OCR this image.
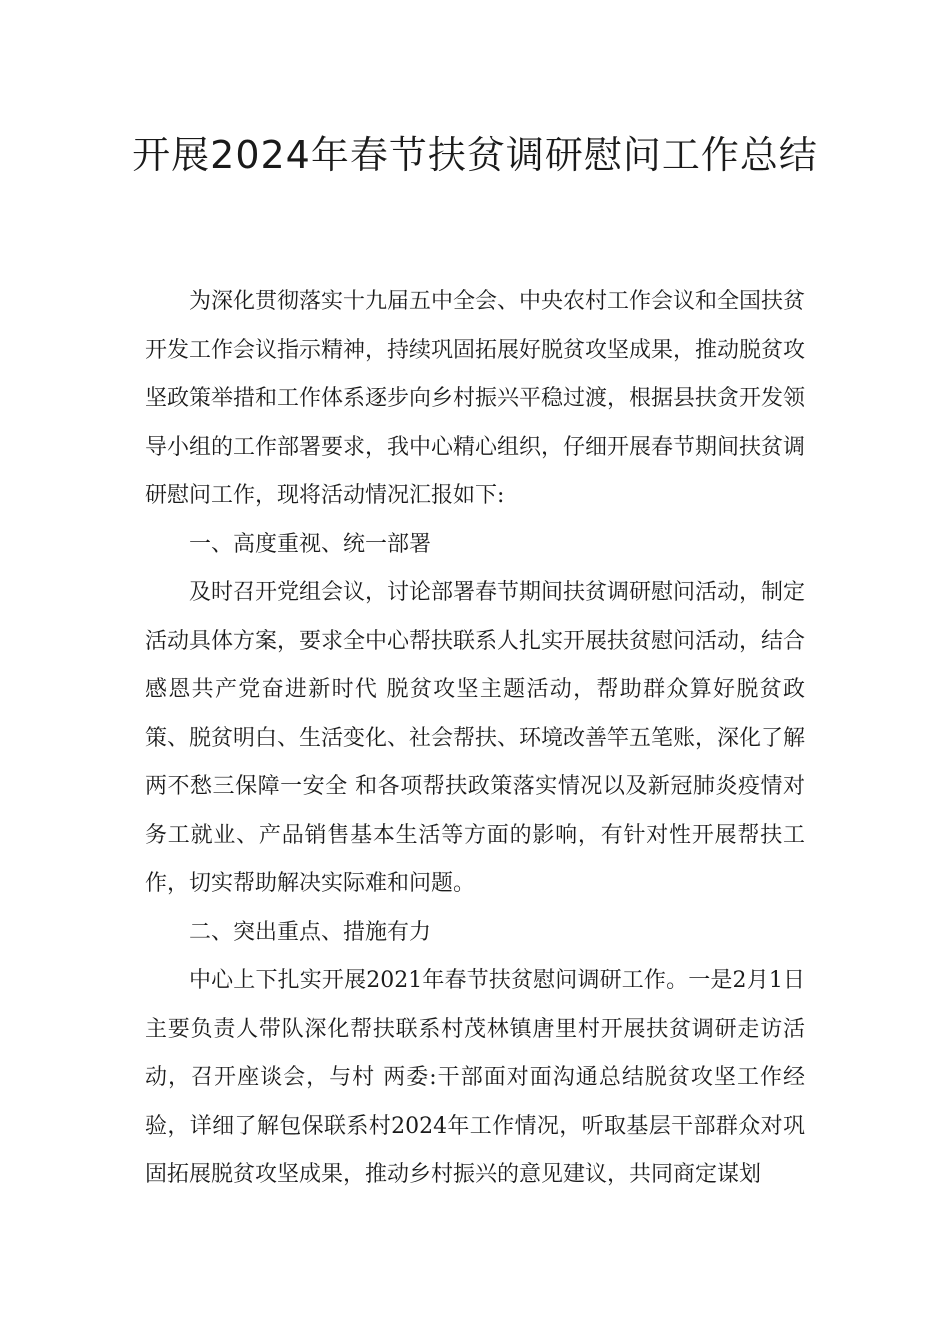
开展2024年春节扶贫调研慰问工作总结

为深化贯彻落实十九届五中全会、中央农村工作会议和全国扶贫开发工作会议指示精神，持续巩固拓展好脱贫攻坚成果，推动脱贫攻坚政策举措和工作体系逐步向乡村振兴平稳过渡，根据县扶贪开发领导小组的工作部署要求，我中心精心组织，仔细开展春节期间扶贫调研慰问工作，现将活动情况汇报如下:

一、高度重视、统一部署

及时召开党组会议，讨论部署春节期间扶贫调研慰问活动，制定活动具体方案，要求全中心帮扶联系人扎实开展扶贫慰问活动，结合 感恩共产党奋进新时代 脱贫攻坚主题活动，帮助群众算好脱贫政策、脱贫明白、生活变化、社会帮扶、环境改善竿五笔账，深化了解 两不愁三保障一安全 和各项帮扶政策落实情况以及新冠肺炎疫情对务工就业、产品销售基本生活等方面的影响，有针对性开展帮扶工作，切实帮助解决实际难和问题。

二、突出重点、措施有力

中心上下扎实开展2021年春节扶贫慰问调研工作。一是2月1日主要负责人带队深化帮扶联系村茂林镇唐里村开展扶贫调研走访活动，召开座谈会，与村 两委:干部面对面沟通总结脱贫攻坚工作经验，详细了解包保联系村2024年工作情况，听取基层干部群众对巩固拓展脱贫攻坚成果，推动乡村振兴的意见建议，共同商定谋划
